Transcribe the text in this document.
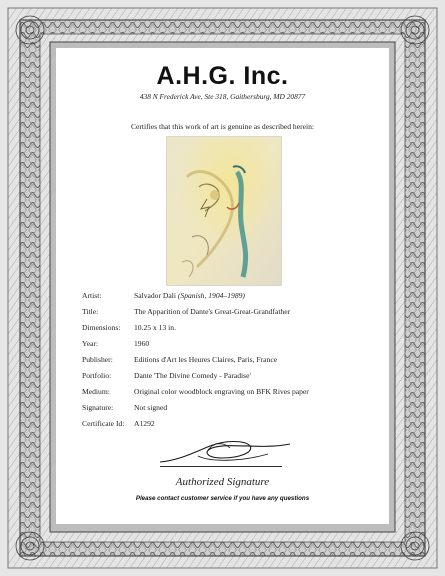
A.H.G. Inc.
438 N Frederick Ave, Ste 318, Gaithersburg, MD 20877
Certifies that this work of art is genuine as described herein:
Artist:	Salvador Dali (Spanish, 1904–1989)
Title:	The Apparition of Dante's Great-Great-Grandfather
Dimensions:	10.25 x 13 in.
Year:	1960
Publisher:	Editions d'Art les Heures Claires, Paris, France
Portfolio:	Dante 'The Divine Comedy - Paradise'
Medium:	Original color woodblock engraving on BFK Rives paper
Signature:	Not signed
Certificate Id:	A1292
Authorized Signature
Please contact customer service if you have any questions
